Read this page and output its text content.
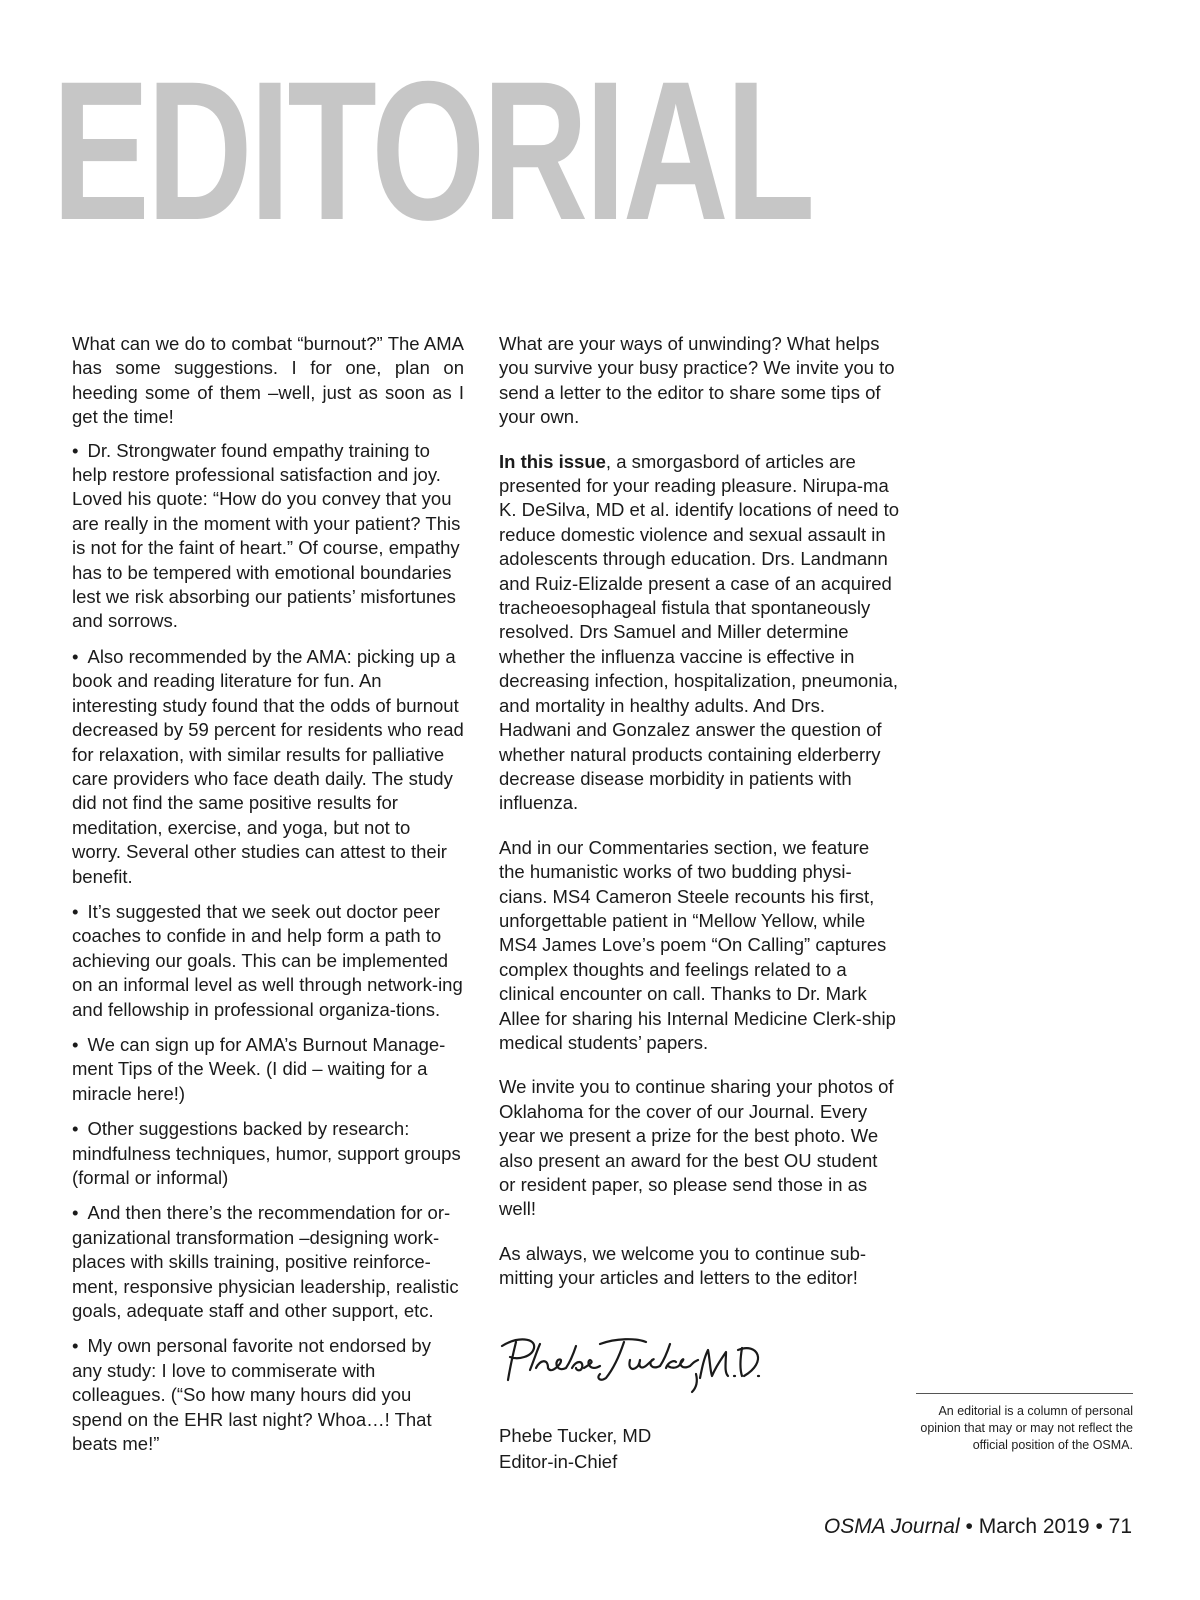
EDITORIAL

What can we do to combat “burnout?” The AMA has some suggestions. I for one, plan on heeding some of them –well, just as soon as I get the time!

• Dr. Strongwater found empathy training to help restore professional satisfaction and joy. Loved his quote: “How do you convey that you are really in the moment with your patient? This is not for the faint of heart.” Of course, empathy has to be tempered with emotional boundaries lest we risk absorbing our patients’ misfortunes and sorrows.

• Also recommended by the AMA: picking up a book and reading literature for fun. An interesting study found that the odds of burnout decreased by 59 percent for residents who read for relaxation, with similar results for palliative care providers who face death daily. The study did not find the same positive results for meditation, exercise, and yoga, but not to worry. Several other studies can attest to their benefit.

• It’s suggested that we seek out doctor peer coaches to confide in and help form a path to achieving our goals. This can be implemented on an informal level as well through network-ing and fellowship in professional organiza-tions.

• We can sign up for AMA’s Burnout Manage-ment Tips of the Week. (I did – waiting for a miracle here!)

• Other suggestions backed by research: mindfulness techniques, humor, support groups (formal or informal)

• And then there’s the recommendation for or-ganizational transformation –designing work-places with skills training, positive reinforce-ment, responsive physician leadership, realistic goals, adequate staff and other support, etc.

• My own personal favorite not endorsed by any study: I love to commiserate with colleagues. (“So how many hours did you spend on the EHR last night? Whoa…! That beats me!”

What are your ways of unwinding? What helps you survive your busy practice? We invite you to send a letter to the editor to share some tips of your own.

In this issue, a smorgasbord of articles are presented for your reading pleasure. Nirupa-ma K. DeSilva, MD et al. identify locations of need to reduce domestic violence and sexual assault in adolescents through education. Drs. Landmann and Ruiz-Elizalde present a case of an acquired tracheoesophageal fistula that spontaneously resolved. Drs Samuel and Miller determine whether the influenza vaccine is effective in decreasing infection, hospitalization, pneumonia, and mortality in healthy adults. And Drs. Hadwani and Gonzalez answer the question of whether natural products containing elderberry decrease disease morbidity in patients with influenza.

And in our Commentaries section, we feature the humanistic works of two budding physi-cians. MS4 Cameron Steele recounts his first, unforgettable patient in “Mellow Yellow, while MS4 James Love’s poem “On Calling” captures complex thoughts and feelings related to a clinical encounter on call. Thanks to Dr. Mark Allee for sharing his Internal Medicine Clerk-ship medical students’ papers.

We invite you to continue sharing your photos of Oklahoma for the cover of our Journal. Every year we present a prize for the best photo. We also present an award for the best OU student or resident paper, so please send those in as well!

As always, we welcome you to continue sub-mitting your articles and letters to the editor!

Phebe Tucker, MD
Editor-in-Chief
An editorial is a column of personal opinion that may or may not reflect the official position of the OSMA.
OSMA Journal • March 2019 • 71
